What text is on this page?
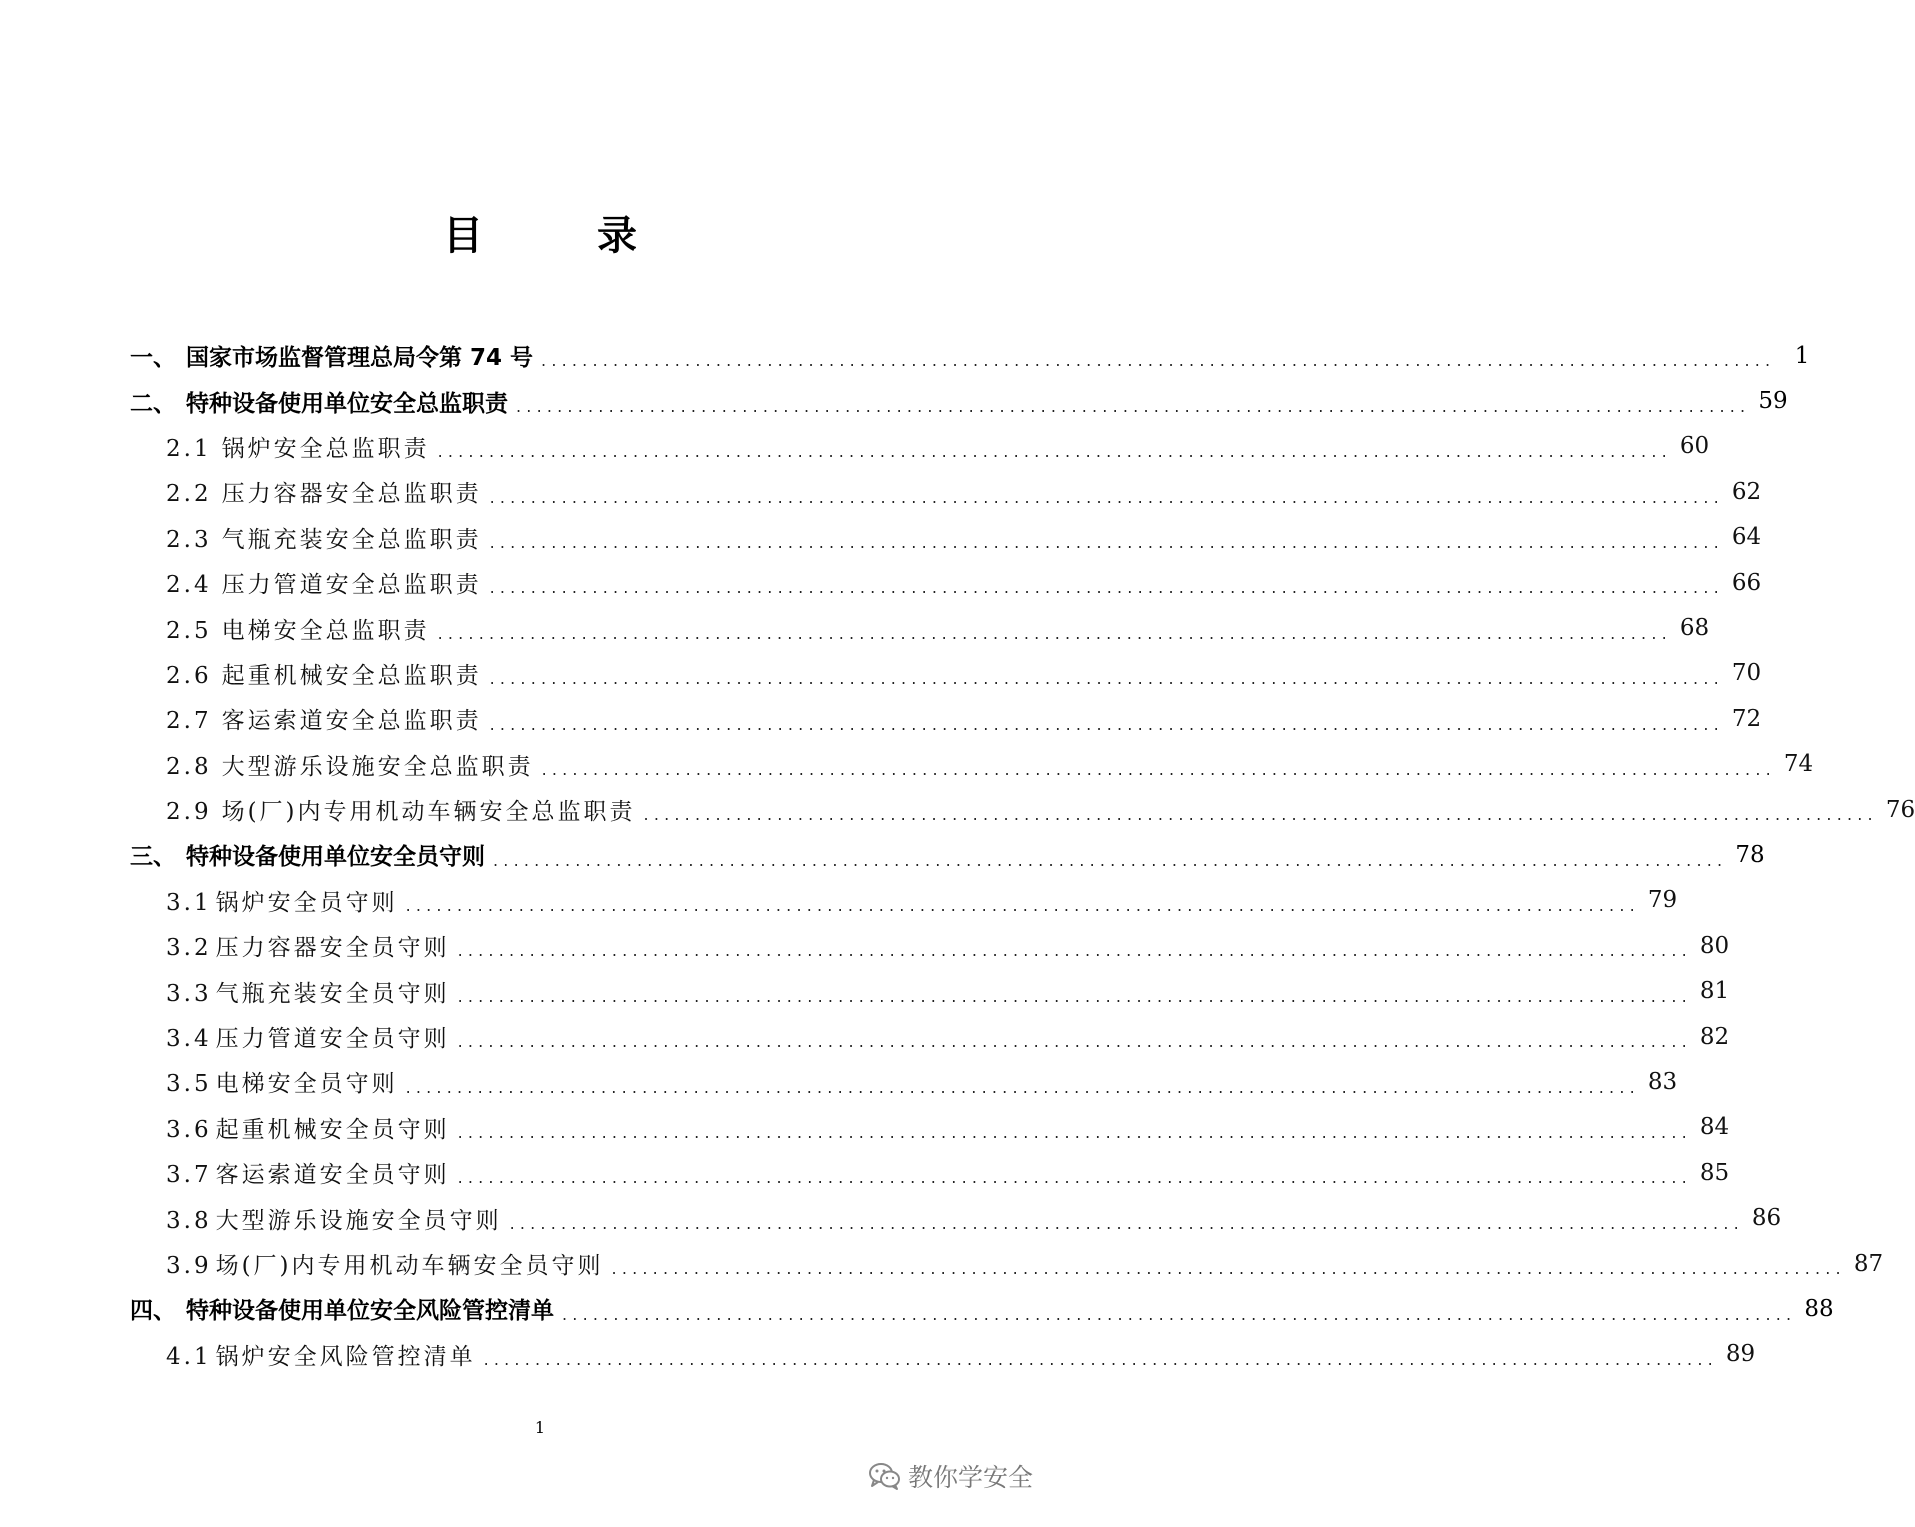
目 录
一、 国家市场监督管理总局令第 74 号 ........................................................................................................................ 1
二、 特种设备使用单位安全总监职责 ........................................................................................................................ 59
2.1 锅炉安全总监职责 ........................................................................................................................ 60
2.2 压力容器安全总监职责 ........................................................................................................................ 62
2.3 气瓶充装安全总监职责 ........................................................................................................................ 64
2.4 压力管道安全总监职责 ........................................................................................................................ 66
2.5 电梯安全总监职责 ........................................................................................................................ 68
2.6 起重机械安全总监职责 ........................................................................................................................ 70
2.7 客运索道安全总监职责 ........................................................................................................................ 72
2.8 大型游乐设施安全总监职责 ........................................................................................................................ 74
2.9 场(厂)内专用机动车辆安全总监职责 ........................................................................................................................ 76
三、 特种设备使用单位安全员守则 ........................................................................................................................ 78
3.1 锅炉安全员守则 ........................................................................................................................ 79
3.2 压力容器安全员守则 ........................................................................................................................ 80
3.3 气瓶充装安全员守则 ........................................................................................................................ 81
3.4 压力管道安全员守则 ........................................................................................................................ 82
3.5 电梯安全员守则 ........................................................................................................................ 83
3.6 起重机械安全员守则 ........................................................................................................................ 84
3.7 客运索道安全员守则 ........................................................................................................................ 85
3.8 大型游乐设施安全员守则 ........................................................................................................................ 86
3.9 场(厂)内专用机动车辆安全员守则 ........................................................................................................................ 87
四、 特种设备使用单位安全风险管控清单 ........................................................................................................................ 88
4.1 锅炉安全风险管控清单 ........................................................................................................................ 89
1
教你学安全
